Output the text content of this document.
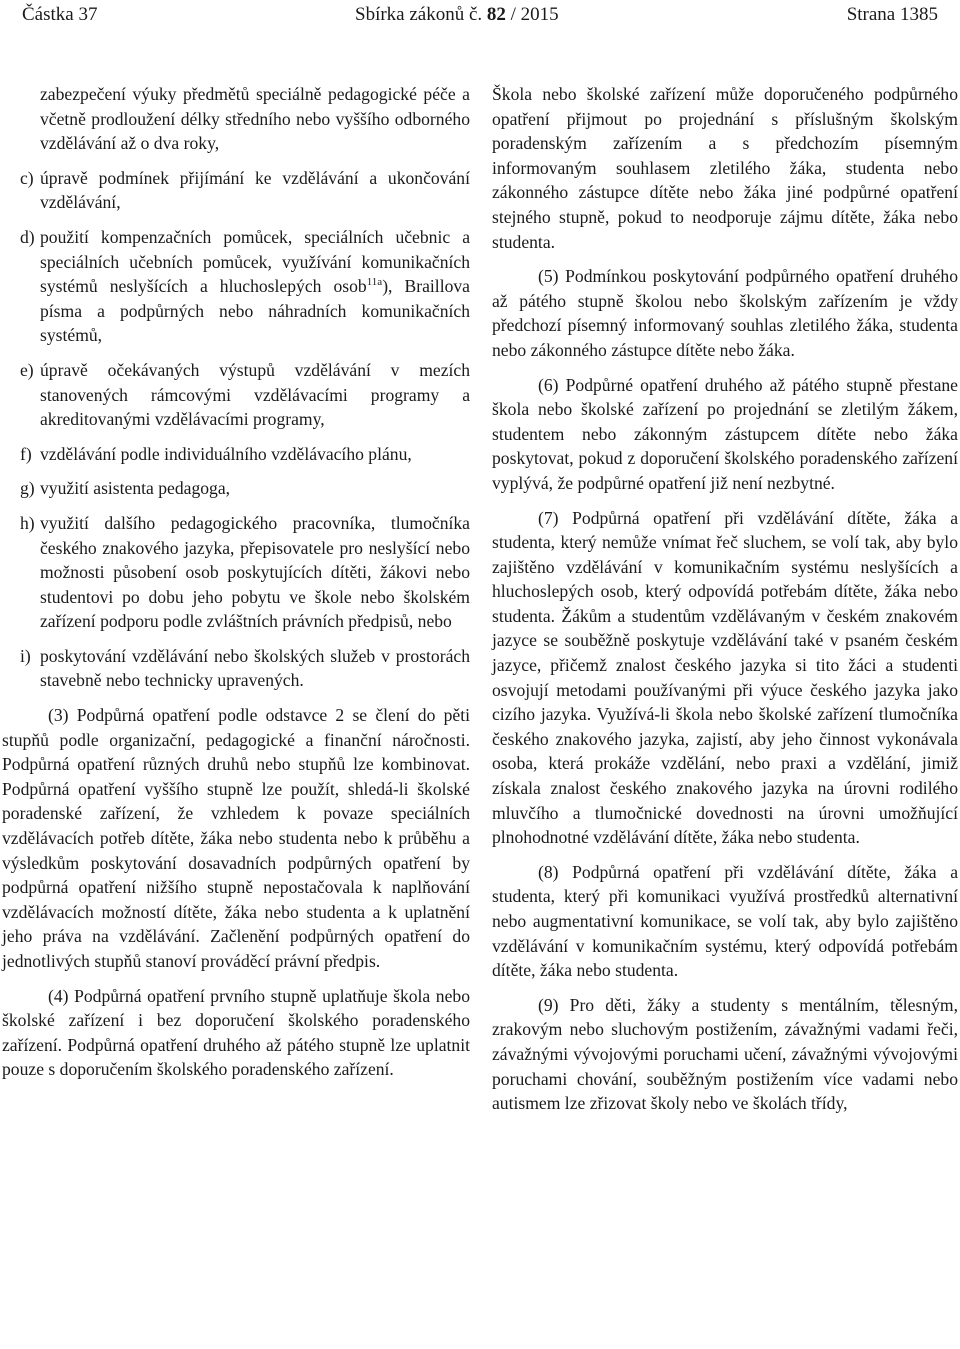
Částka 37	Sbírka zákonů č. 82 / 2015	Strana 1385
zabezpečení výuky předmětů speciálně pedagogické péče a včetně prodloužení délky středního nebo vyššího odborného vzdělávání až o dva roky,
c) úpravě podmínek přijímání ke vzdělávání a ukončování vzdělávání,
d) použití kompenzačních pomůcek, speciálních učebnic a speciálních učebních pomůcek, využívání komunikačních systémů neslyšících a hluchoslepých osob$^{11a}$), Braillova písma a podpůrných nebo náhradních komunikačních systémů,
e) úpravě očekávaných výstupů vzdělávání v mezích stanovených rámcovými vzdělávacími programy a akreditovanými vzdělávacími programy,
f) vzdělávání podle individuálního vzdělávacího plánu,
g) využití asistenta pedagoga,
h) využití dalšího pedagogického pracovníka, tlumočníka českého znakového jazyka, přepisovatele pro neslyšící nebo možnosti působení osob poskytujících dítěti, žákovi nebo studentovi po dobu jeho pobytu ve škole nebo školském zařízení podporu podle zvláštních právních předpisů, nebo
i) poskytování vzdělávání nebo školských služeb v prostorách stavebně nebo technicky upravených.
(3) Podpůrná opatření podle odstavce 2 se člení do pěti stupňů podle organizační, pedagogické a finanční náročnosti. Podpůrná opatření různých druhů nebo stupňů lze kombinovat. Podpůrná opatření vyššího stupně lze použít, shledá-li školské poradenské zařízení, že vzhledem k povaze speciálních vzdělávacích potřeb dítěte, žáka nebo studenta nebo k průběhu a výsledkům poskytování dosavadních podpůrných opatření by podpůrná opatření nižšího stupně nepostačovala k naplňování vzdělávacích možností dítěte, žáka nebo studenta a k uplatnění jeho práva na vzdělávání. Začlenění podpůrných opatření do jednotlivých stupňů stanoví prováděcí právní předpis.
(4) Podpůrná opatření prvního stupně uplatňuje škola nebo školské zařízení i bez doporučení školského poradenského zařízení. Podpůrná opatření druhého až pátého stupně lze uplatnit pouze s doporučením školského poradenského zařízení.
Škola nebo školské zařízení může doporučeného podpůrného opatření přijmout po projednání s příslušným školským poradenským zařízením a s předchozím písemným informovaným souhlasem zletilého žáka, studenta nebo zákonného zástupce dítěte nebo žáka jiné podpůrné opatření stejného stupně, pokud to neodporuje zájmu dítěte, žáka nebo studenta.
(5) Podmínkou poskytování podpůrného opatření druhého až pátého stupně školou nebo školským zařízením je vždy předchozí písemný informovaný souhlas zletilého žáka, studenta nebo zákonného zástupce dítěte nebo žáka.
(6) Podpůrné opatření druhého až pátého stupně přestane škola nebo školské zařízení po projednání se zletilým žákem, studentem nebo zákonným zástupcem dítěte nebo žáka poskytovat, pokud z doporučení školského poradenského zařízení vyplývá, že podpůrné opatření již není nezbytné.
(7) Podpůrná opatření při vzdělávání dítěte, žáka a studenta, který nemůže vnímat řeč sluchem, se volí tak, aby bylo zajištěno vzdělávání v komunikačním systému neslyšících a hluchoslepých osob, který odpovídá potřebám dítěte, žáka nebo studenta. Žákům a studentům vzdělávaným v českém znakovém jazyce se souběžně poskytuje vzdělávání také v psaném českém jazyce, přičemž znalost českého jazyka si tito žáci a studenti osvojují metodami používanými při výuce českého jazyka jako cizího jazyka. Využívá-li škola nebo školské zařízení tlumočníka českého znakového jazyka, zajistí, aby jeho činnost vykonávala osoba, která prokáže vzdělání, nebo praxi a vzdělání, jimiž získala znalost českého znakového jazyka na úrovni rodilého mluvčího a tlumočnické dovednosti na úrovni umožňující plnohodnotné vzdělávání dítěte, žáka nebo studenta.
(8) Podpůrná opatření při vzdělávání dítěte, žáka a studenta, který při komunikaci využívá prostředků alternativní nebo augmentativní komunikace, se volí tak, aby bylo zajištěno vzdělávání v komunikačním systému, který odpovídá potřebám dítěte, žáka nebo studenta.
(9) Pro děti, žáky a studenty s mentálním, tělesným, zrakovým nebo sluchovým postižením, závažnými vadami řeči, závažnými vývojovými poruchami učení, závažnými vývojovými poruchami chování, souběžným postižením více vadami nebo autismem lze zřizovat školy nebo ve školách třídy,
